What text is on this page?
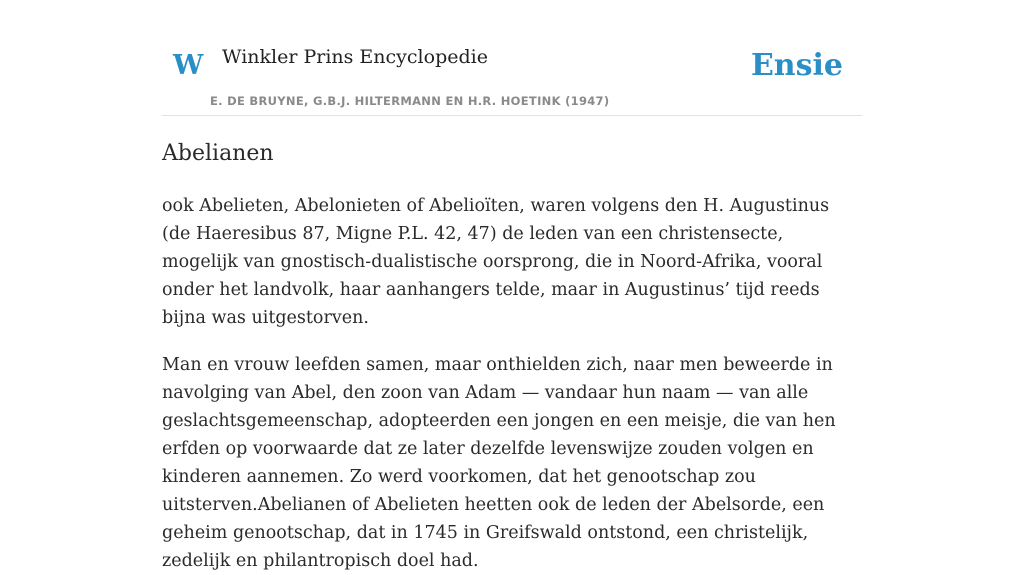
W Winkler Prins Encyclopedie
E. DE BRUYNE, G.B.J. HILTERMANN EN H.R. HOETINK (1947)
Ensie
Abelianen

ook Abelieten, Abelonieten of Abelioïten, waren volgens den H. Augustinus (de Haeresibus 87, Migne P.L. 42, 47) de leden van een christensecte, mogelijk van gnostisch-dualistische oorsprong, die in Noord-Afrika, vooral onder het landvolk, haar aanhangers telde, maar in Augustinus’ tijd reeds bijna was uitgestorven.

Man en vrouw leefden samen, maar onthielden zich, naar men beweerde in navolging van Abel, den zoon van Adam — vandaar hun naam — van alle geslachtsgemeenschap, adopteerden een jongen en een meisje, die van hen erfden op voorwaarde dat ze later dezelfde levenswijze zouden volgen en kinderen aannemen. Zo werd voorkomen, dat het genootschap zou uitsterven.Abelianen of Abelieten heetten ook de leden der Abelsorde, een geheim genootschap, dat in 1745 in Greifswald ontstond, een christelijk, zedelijk en philantropisch doel had.
